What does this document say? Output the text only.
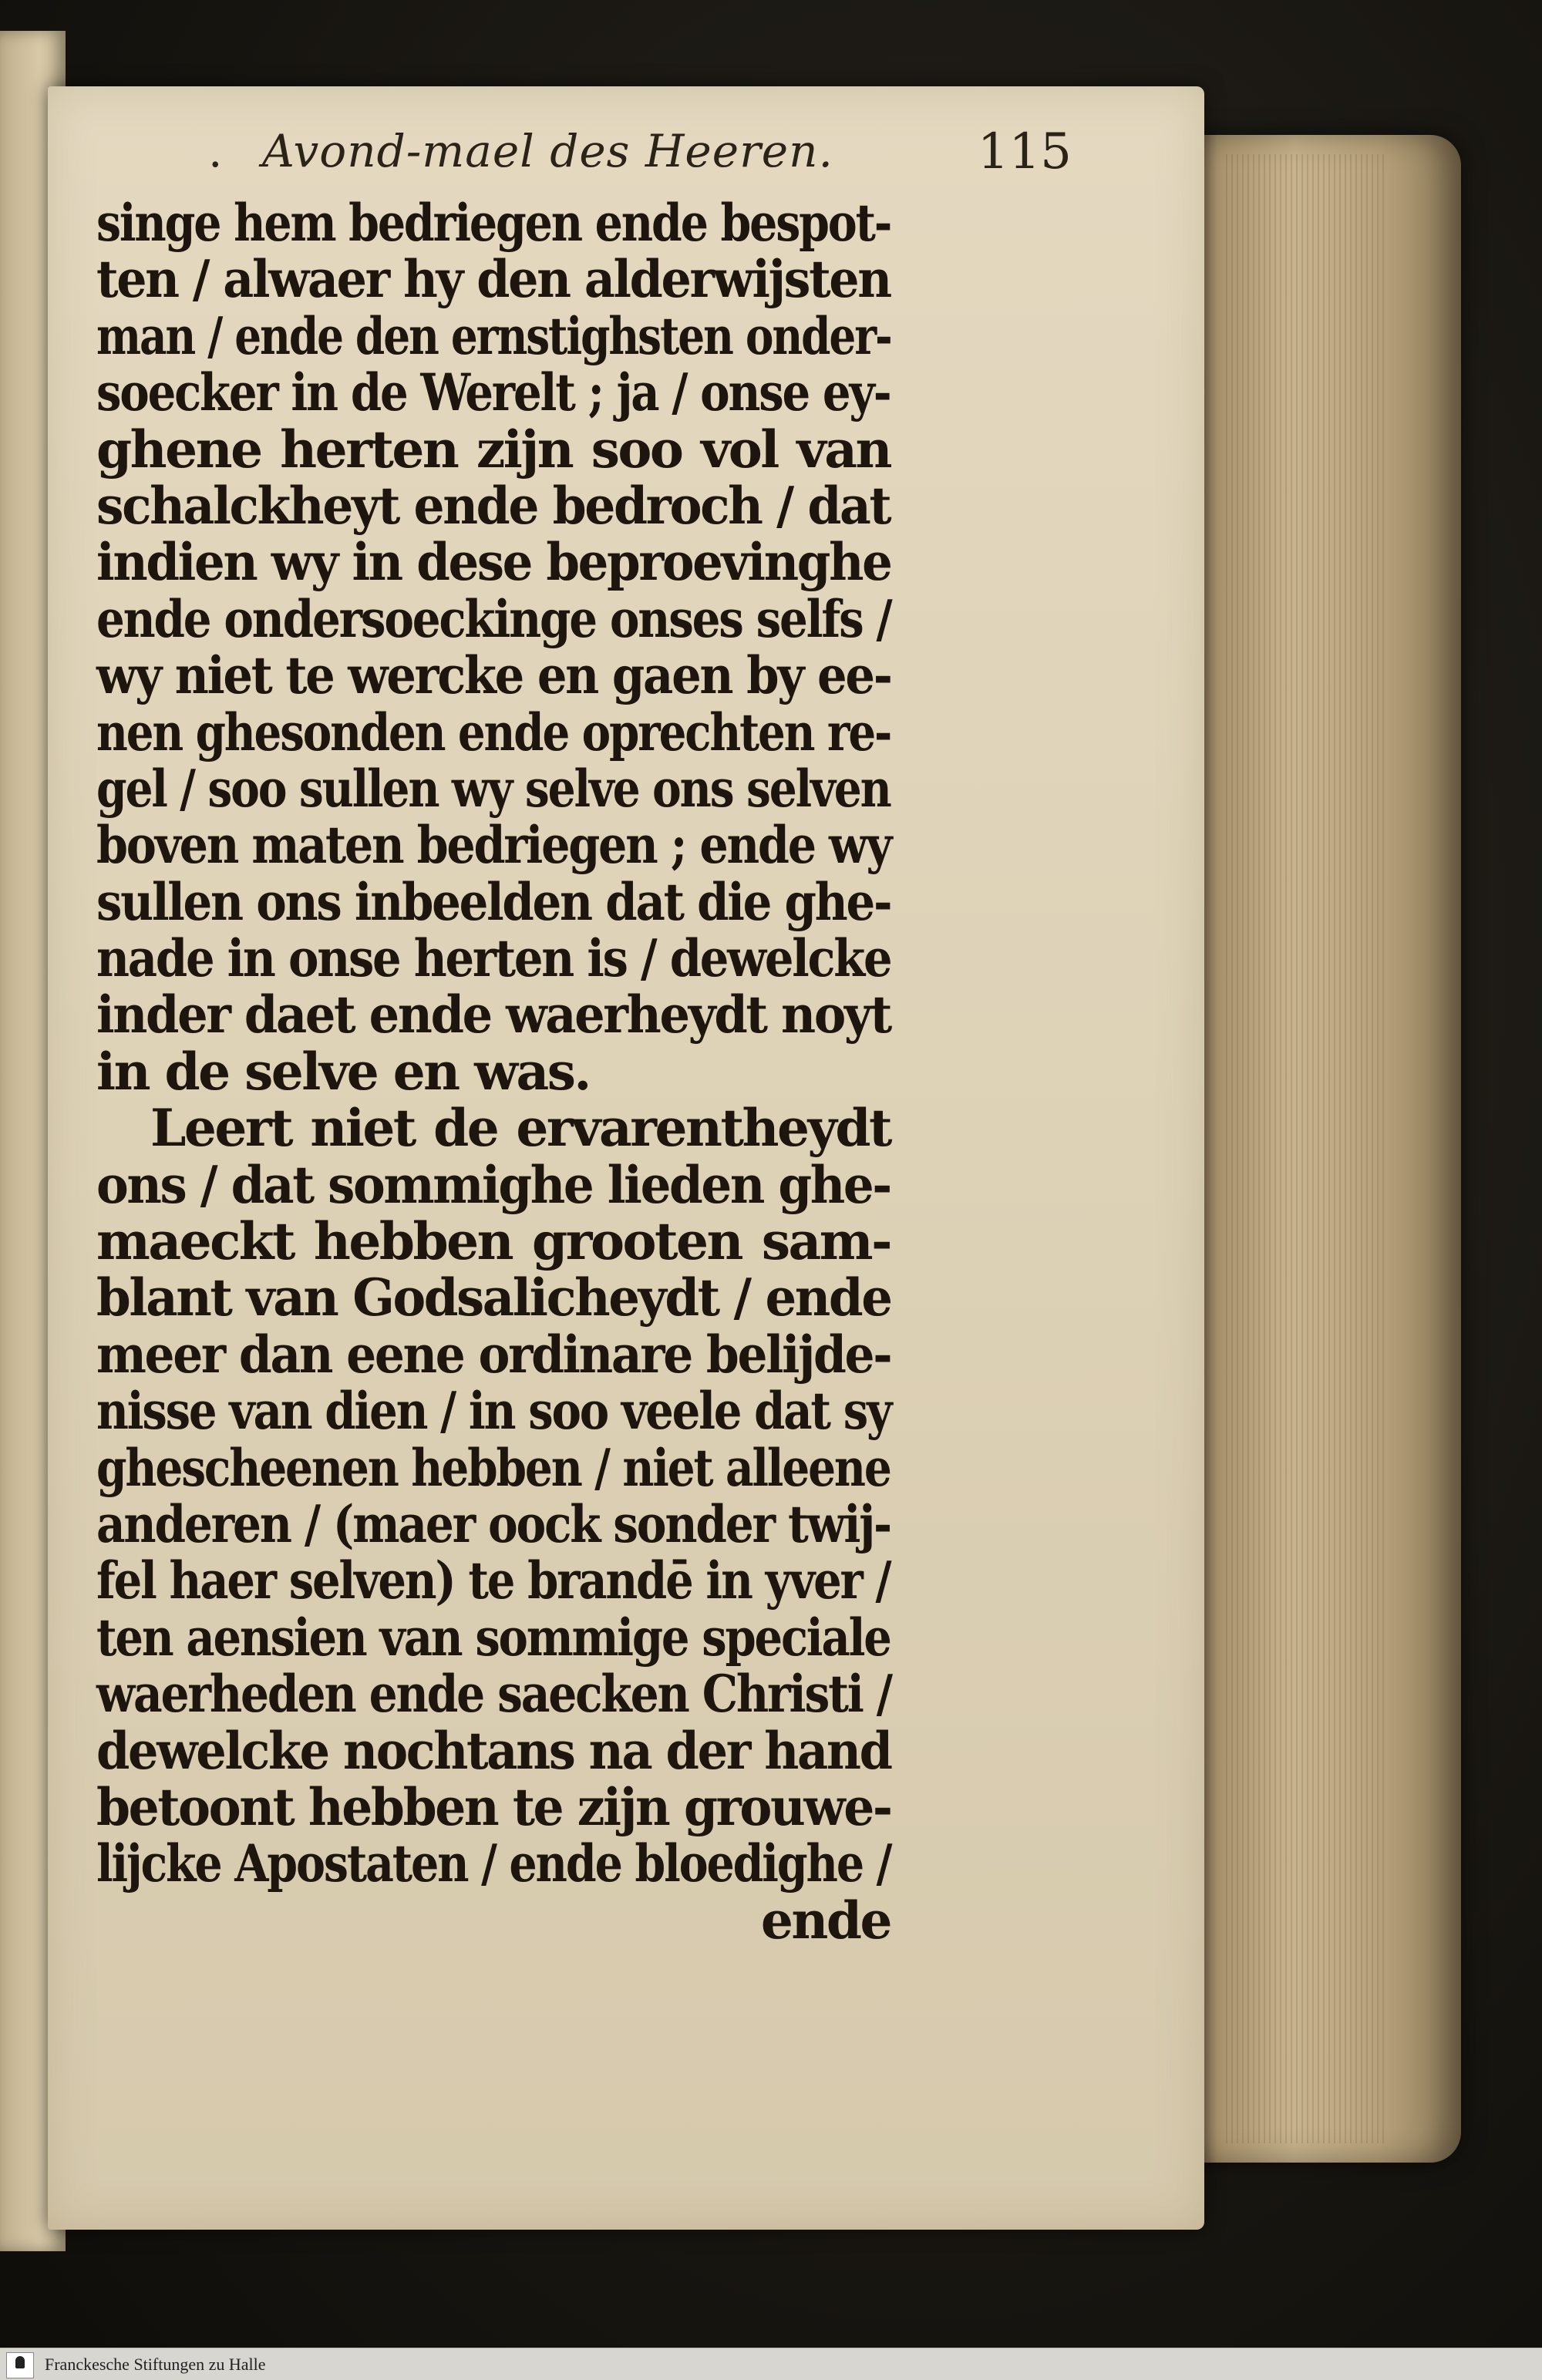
. Avond-mael des Heeren.	115
singe hem bedriegen ende bespot-
ten / alwaer hy den alderwijsten
man / ende den ernstighsten onder-
soecker in de Werelt ; ja / onse ey-
ghene herten zijn soo vol van
schalckheyt ende bedroch / dat
indien wy in dese beproevinghe
ende ondersoeckinge onses selfs /
wy niet te wercke en gaen by ee-
nen ghesonden ende oprechten re-
gel / soo sullen wy selve ons selven
boven maten bedriegen ; ende wy
sullen ons inbeelden dat die ghe-
nade in onse herten is / dewelcke
inder daet ende waerheydt noyt
in de selve en was.
Leert niet de ervarentheydt
ons / dat sommighe lieden ghe-
maeckt hebben grooten sam-
blant van Godsalicheydt / ende
meer dan eene ordinare belijde-
nisse van dien / in soo veele dat sy
ghescheenen hebben / niet alleene
anderen / (maer oock sonder twij-
fel haer selven) te brandē in yver /
ten aensien van sommige speciale
waerheden ende saecken Christi /
dewelcke nochtans na der hand
betoont hebben te zijn grouwe-
lijcke Apostaten / ende bloedighe /
ende
Franckesche Stiftungen zu Halle
